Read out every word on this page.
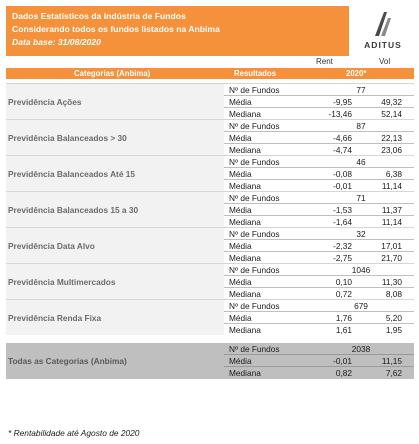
Dados Estatísticos da Indústria de Fundos
Considerando todos os fundos listados na Anbima
Data base: 31/08/2020	ADITUS
Rent	Vol
Categorias (Anbima)	Resultados	2020*
Previdência Ações
Nº de Fundos	77
Média	-9,95	49,32
Mediana	-13,46	52,14
Previdência Balanceados > 30
Nº de Fundos	87
Média	-4,66	22,13
Mediana	-4,74	23,06
Previdência Balanceados Até 15
Nº de Fundos	46
Média	-0,08	6,38
Mediana	-0,01	11,14
Previdência Balanceados 15 a 30
Nº de Fundos	71
Média	-1,53	11,37
Mediana	-1,64	11,14
Previdência Data Alvo
Nº de Fundos	32
Média	-2,32	17,01
Mediana	-2,75	21,70
Previdência Multimercados
Nº de Fundos	1046
Média	0,10	11,30
Mediana	0,72	8,08
Previdência Renda Fixa
Nº de Fundos	679
Média	1,76	5,20
Mediana	1,61	1,95
Todas as Categorias (Anbima)
Nº de Fundos	2038
Média	-0,01	11,15
Mediana	0,82	7,62
* Rentabilidade até Agosto de 2020
